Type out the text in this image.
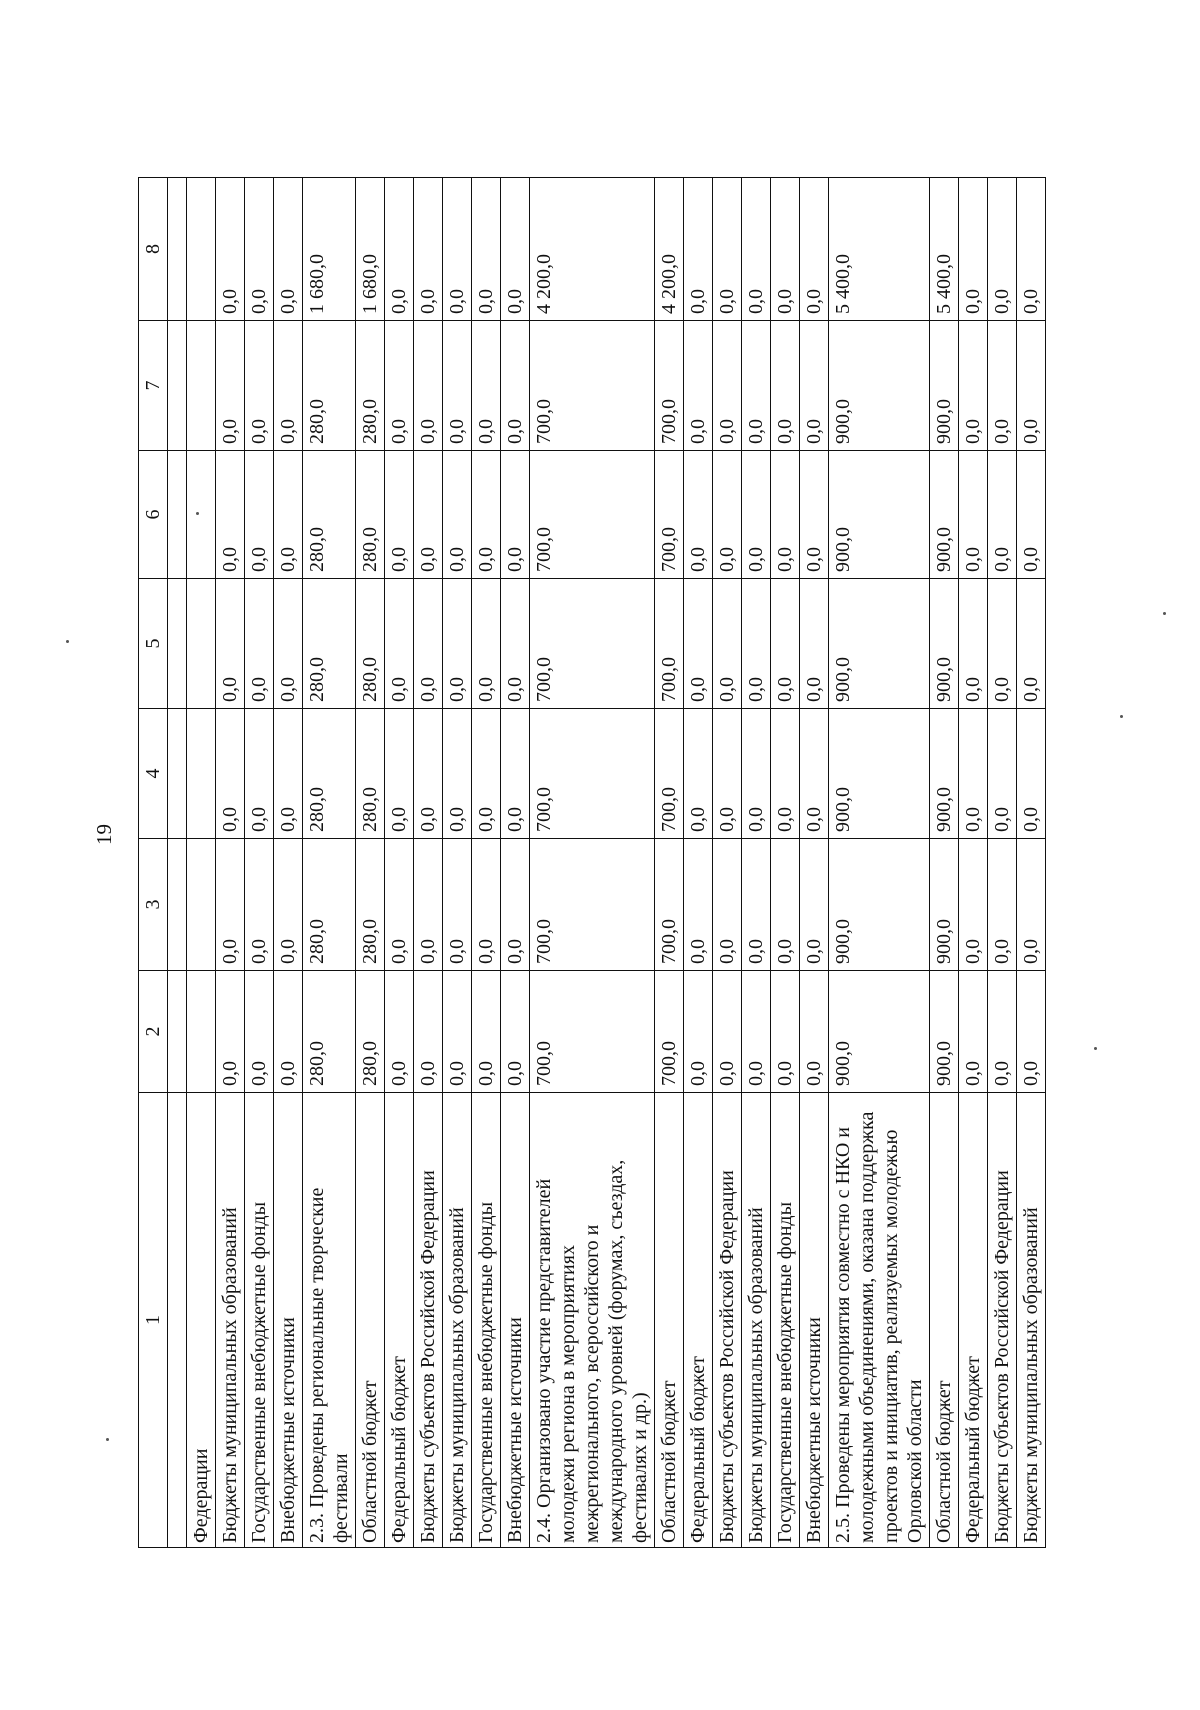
19
1	2	3	4	5	6	7	8

Федерации							
Бюджеты муниципальных образований	0,0	0,0	0,0	0,0	0,0	0,0	0,0
Государственные внебюджетные фонды	0,0	0,0	0,0	0,0	0,0	0,0	0,0
Внебюджетные источники	0,0	0,0	0,0	0,0	0,0	0,0	0,0
2.3. Проведены региональные творческие фестивали	280,0	280,0	280,0	280,0	280,0	280,0	1 680,0
Областной бюджет	280,0	280,0	280,0	280,0	280,0	280,0	1 680,0
Федеральный бюджет	0,0	0,0	0,0	0,0	0,0	0,0	0,0
Бюджеты субъектов Российской Федерации	0,0	0,0	0,0	0,0	0,0	0,0	0,0
Бюджеты муниципальных образований	0,0	0,0	0,0	0,0	0,0	0,0	0,0
Государственные внебюджетные фонды	0,0	0,0	0,0	0,0	0,0	0,0	0,0
Внебюджетные источники	0,0	0,0	0,0	0,0	0,0	0,0	0,0
2.4. Организовано участие представителей молодежи региона в мероприятиях межрегионального, всероссийского и международного уровней (форумах, съездах, фестивалях и др.)	700,0	700,0	700,0	700,0	700,0	700,0	4 200,0
Областной бюджет	700,0	700,0	700,0	700,0	700,0	700,0	4 200,0
Федеральный бюджет	0,0	0,0	0,0	0,0	0,0	0,0	0,0
Бюджеты субъектов Российской Федерации	0,0	0,0	0,0	0,0	0,0	0,0	0,0
Бюджеты муниципальных образований	0,0	0,0	0,0	0,0	0,0	0,0	0,0
Государственные внебюджетные фонды	0,0	0,0	0,0	0,0	0,0	0,0	0,0
Внебюджетные источники	0,0	0,0	0,0	0,0	0,0	0,0	0,0
2.5. Проведены мероприятия совместно с НКО и молодежными объединениями, оказана поддержка проектов и инициатив, реализуемых молодежью Орловской области	900,0	900,0	900,0	900,0	900,0	900,0	5 400,0
Областной бюджет	900,0	900,0	900,0	900,0	900,0	900,0	5 400,0
Федеральный бюджет	0,0	0,0	0,0	0,0	0,0	0,0	0,0
Бюджеты субъектов Российской Федерации	0,0	0,0	0,0	0,0	0,0	0,0	0,0
Бюджеты муниципальных образований	0,0	0,0	0,0	0,0	0,0	0,0	0,0
